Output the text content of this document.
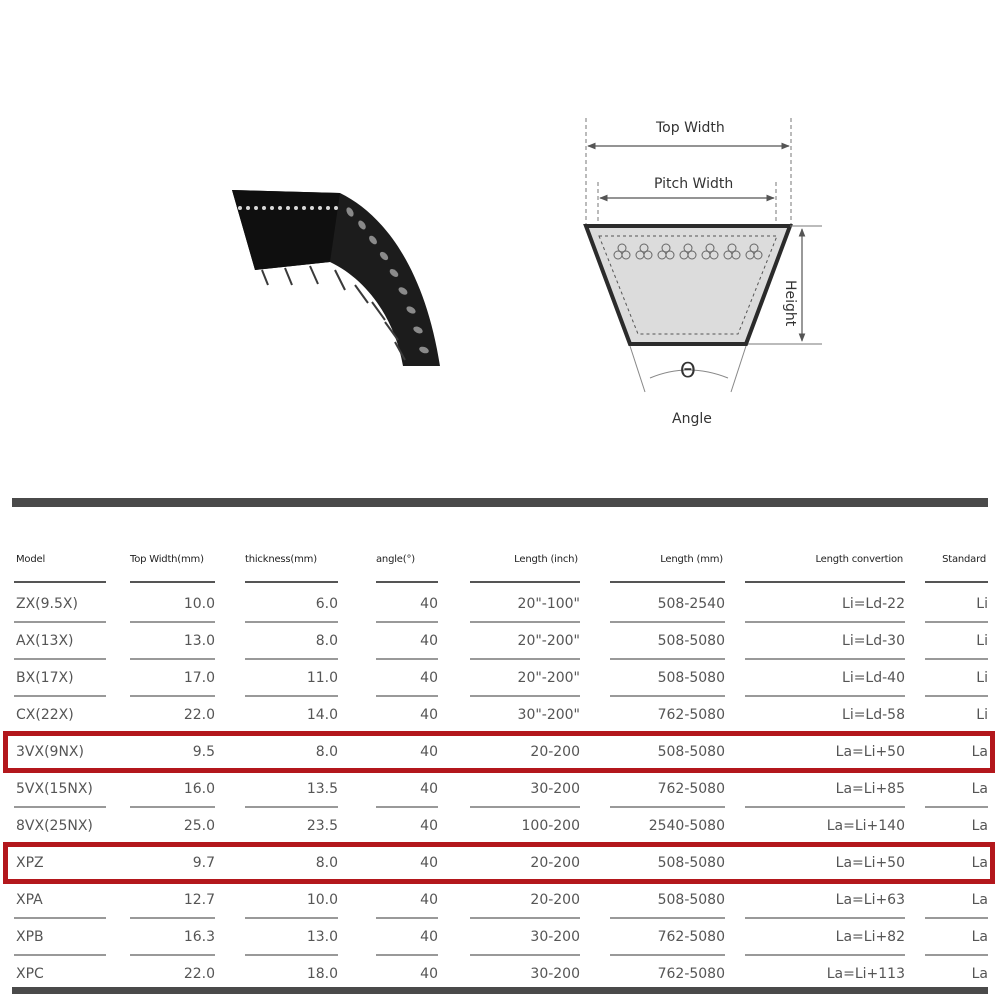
Top Width
Pitch Width
Height
Θ
Angle
Model	Top Width(mm)	thickness(mm)	angle(°)	Length (inch)	Length (mm)	Length convertion	Standard
ZX(9.5X)	10.0	6.0	40	20"-100"	508-2540	Li=Ld-22	Li
AX(13X)	13.0	8.0	40	20"-200"	508-5080	Li=Ld-30	Li
BX(17X)	17.0	11.0	40	20"-200"	508-5080	Li=Ld-40	Li
CX(22X)	22.0	14.0	40	30"-200"	762-5080	Li=Ld-58	Li
3VX(9NX)	9.5	8.0	40	20-200	508-5080	La=Li+50	La
5VX(15NX)	16.0	13.5	40	30-200	762-5080	La=Li+85	La
8VX(25NX)	25.0	23.5	40	100-200	2540-5080	La=Li+140	La
XPZ	9.7	8.0	40	20-200	508-5080	La=Li+50	La
XPA	12.7	10.0	40	20-200	508-5080	La=Li+63	La
XPB	16.3	13.0	40	30-200	762-5080	La=Li+82	La
XPC	22.0	18.0	40	30-200	762-5080	La=Li+113	La
